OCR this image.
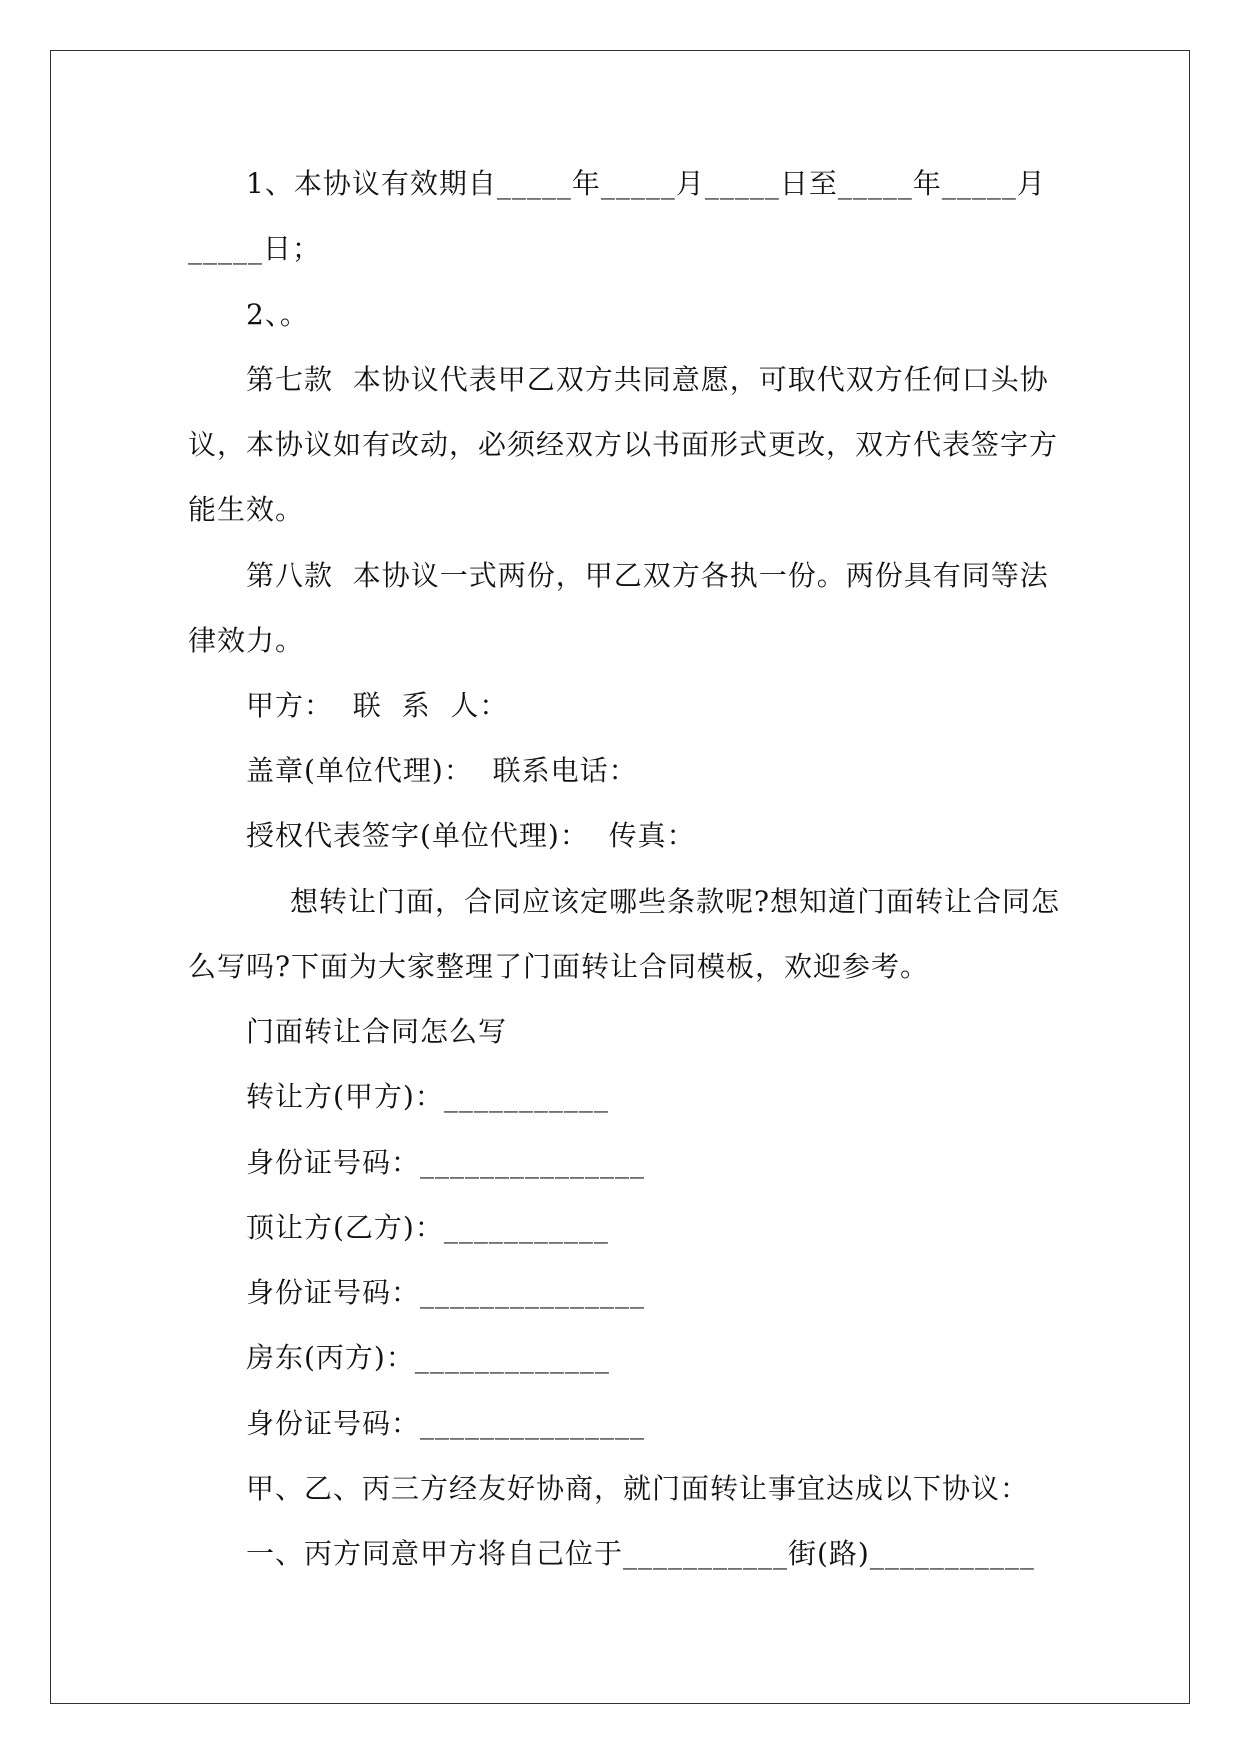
1、本协议有效期自_____年_____月_____日至_____年_____月
_____日；
2、。
第七款  本协议代表甲乙双方共同意愿，可取代双方任何口头协
议，本协议如有改动，必须经双方以书面形式更改，双方代表签字方
能生效。
第八款  本协议一式两份，甲乙双方各执一份。两份具有同等法
律效力。
甲方：  联  系  人：
盖章(单位代理)：  联系电话：
授权代表签字(单位代理)：  传真：
想转让门面，合同应该定哪些条款呢?想知道门面转让合同怎
么写吗?下面为大家整理了门面转让合同模板，欢迎参考。
门面转让合同怎么写
转让方(甲方)：___________
身份证号码：_______________
顶让方(乙方)：___________
身份证号码：_______________
房东(丙方)：_____________
身份证号码：_______________
甲、乙、丙三方经友好协商，就门面转让事宜达成以下协议：
一、丙方同意甲方将自己位于___________街(路)___________
